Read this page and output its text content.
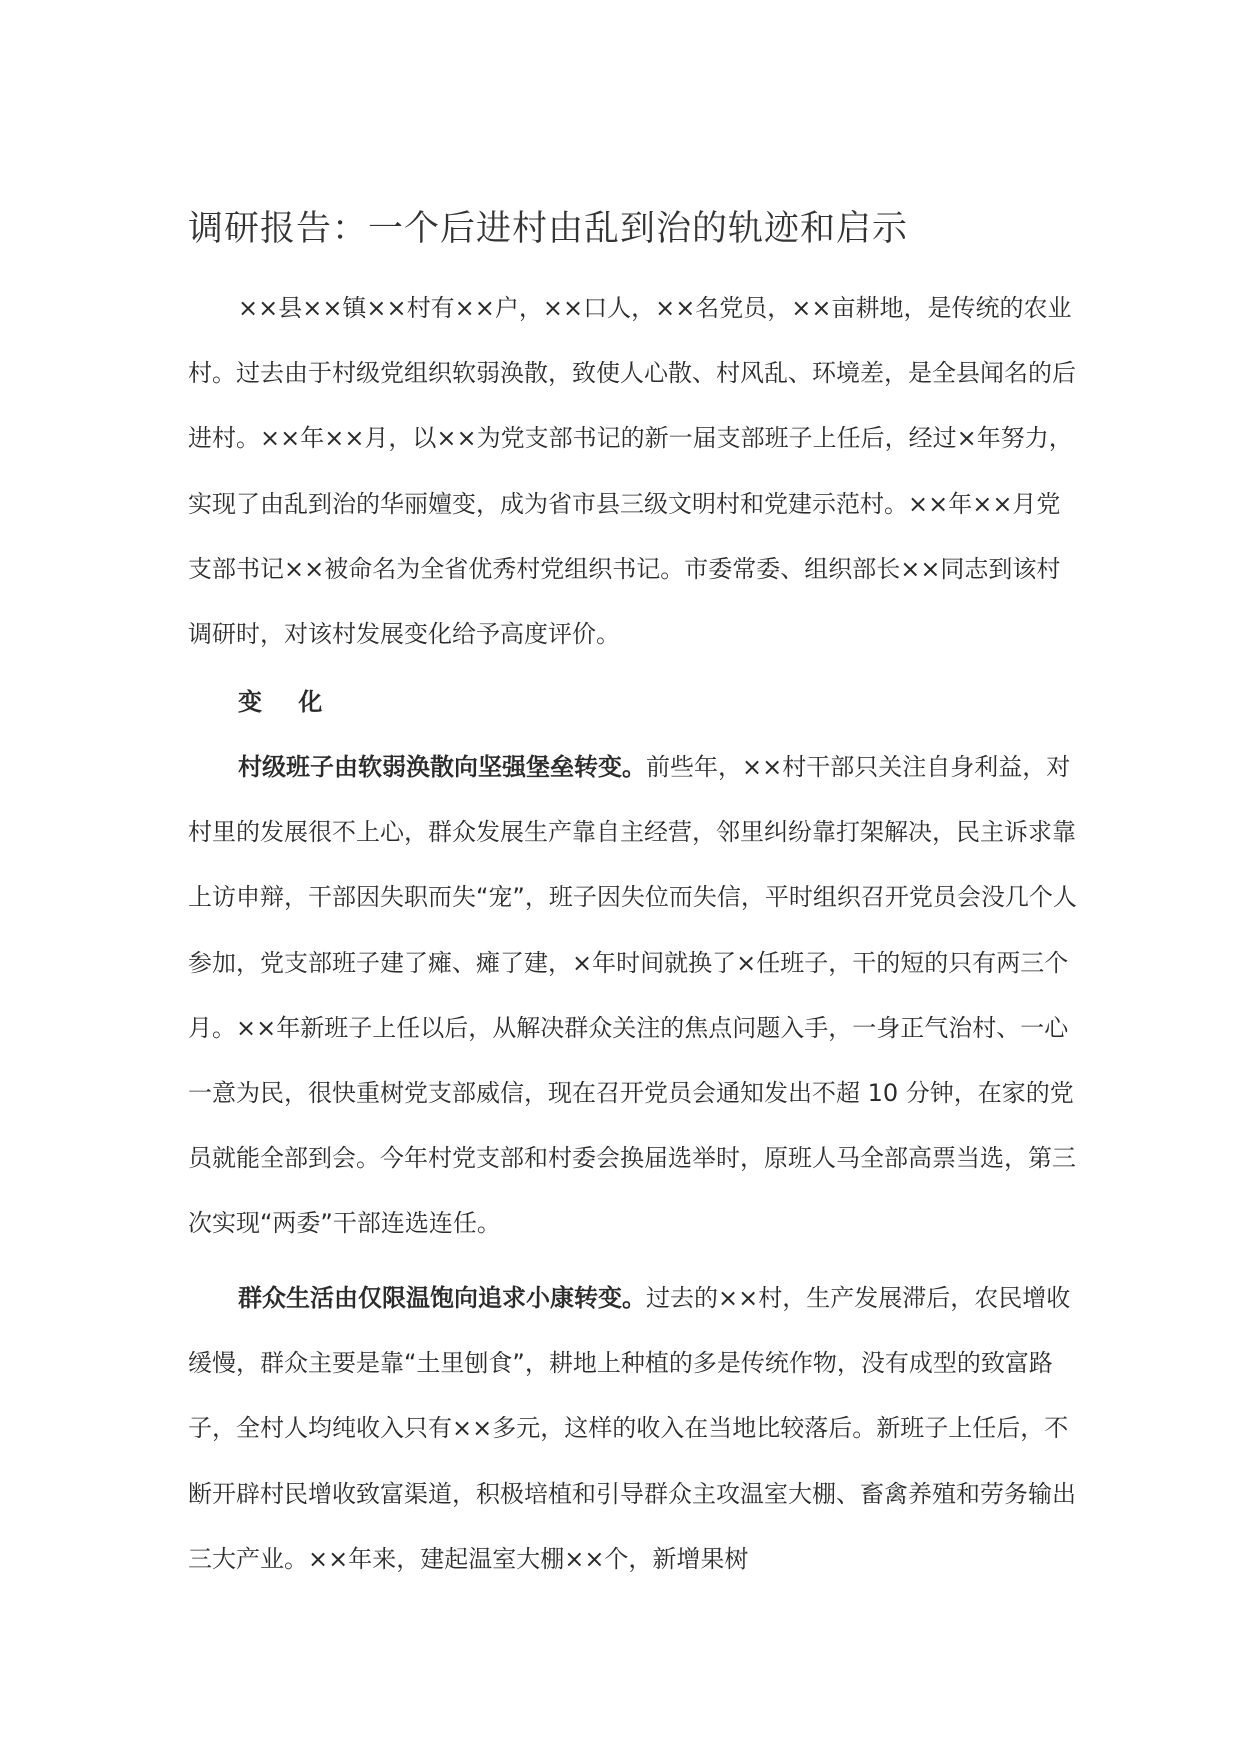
调研报告：一个后进村由乱到治的轨迹和启示

××县××镇××村有××户，××口人，××名党员，××亩耕地，是传统的农业村。过去由于村级党组织软弱涣散，致使人心散、村风乱、环境差，是全县闻名的后进村。××年××月，以××为党支部书记的新一届支部班子上任后，经过×年努力，实现了由乱到治的华丽嬗变，成为省市县三级文明村和党建示范村。××年××月党支部书记××被命名为全省优秀村党组织书记。市委常委、组织部长××同志到该村调研时，对该村发展变化给予高度评价。

变 化

村级班子由软弱涣散向坚强堡垒转变。前些年，××村干部只关注自身利益，对村里的发展很不上心，群众发展生产靠自主经营，邻里纠纷靠打架解决，民主诉求靠上访申辩，干部因失职而失“宠”，班子因失位而失信，平时组织召开党员会没几个人参加，党支部班子建了瘫、瘫了建，×年时间就换了×任班子，干的短的只有两三个月。××年新班子上任以后，从解决群众关注的焦点问题入手，一身正气治村、一心一意为民，很快重树党支部威信，现在召开党员会通知发出不超 10 分钟，在家的党员就能全部到会。今年村党支部和村委会换届选举时，原班人马全部高票当选，第三次实现“两委”干部连选连任。

群众生活由仅限温饱向追求小康转变。过去的××村，生产发展滞后，农民增收缓慢，群众主要是靠“土里刨食”，耕地上种植的多是传统作物，没有成型的致富路子，全村人均纯收入只有××多元，这样的收入在当地比较落后。新班子上任后，不断开辟村民增收致富渠道，积极培植和引导群众主攻温室大棚、畜禽养殖和劳务输出三大产业。××年来，建起温室大棚××个，新增果树
